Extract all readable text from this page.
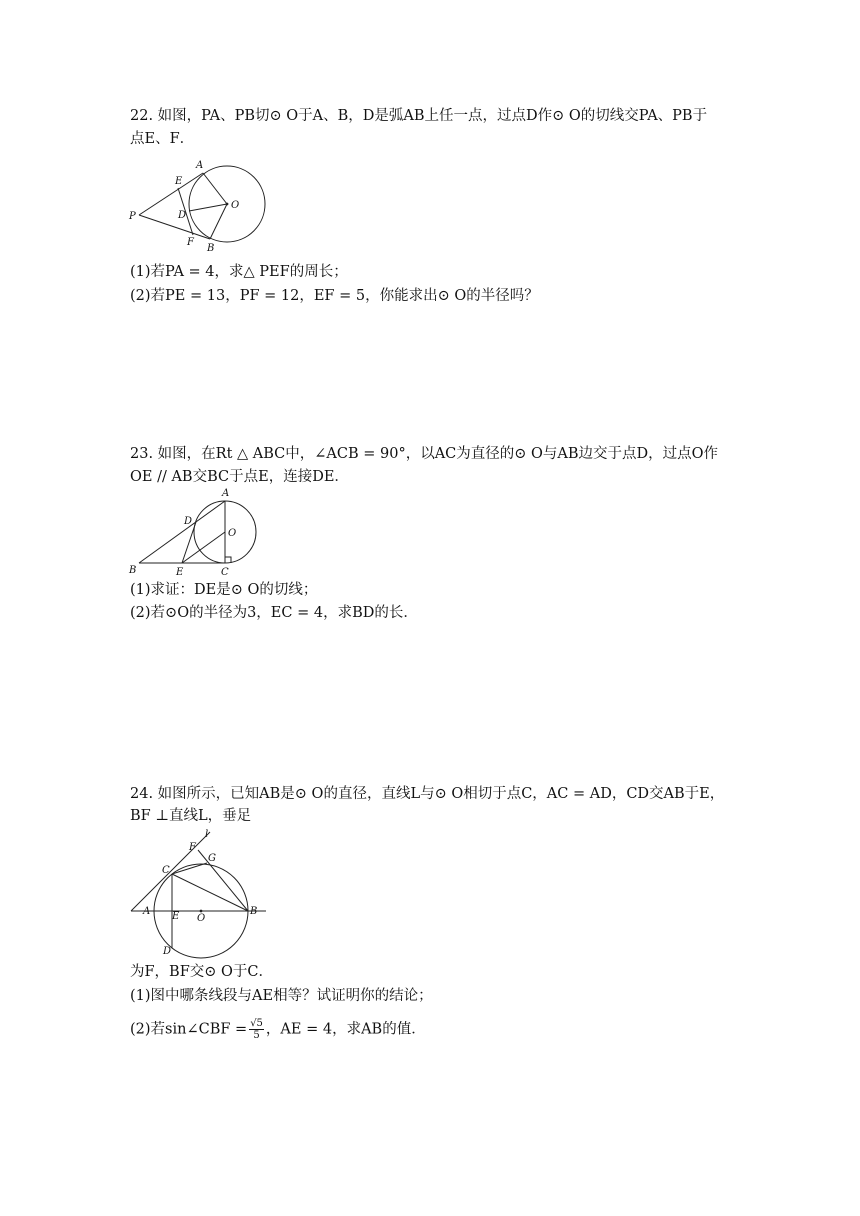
22. 如图，PA、PB切⊙ O于A、B，D是弧AB上任一点，过点D作⊙ O的切线交PA、PB于
点E、F．
A
E
P	D
O
F
B
(1)若PA = 4，求△ PEF的周长；
(2)若PE = 13，PF = 12，EF = 5，你能求出⊙ O的半径吗？
23. 如图，在Rt △ ABC中，∠ACB = 90°，以AC为直径的⊙ O与AB边交于点D，过点O作
OE // AB交BC于点E，连接DE．
A
D
O
B	E	C
(1)求证：DE是⊙ O的切线；
(2)若⊙O的半径为3，EC = 4，求BD的长．
24. 如图所示，已知AB是⊙ O的直径，直线L与⊙ O相切于点C，AC = AD，CD交AB于E，
BF ⊥直线L，垂足
l
F
G
C
A E O
B
D
为F，BF交⊙ O于C．
(1)图中哪条线段与AE相等？试证明你的结论；
(2)若sin∠CBF = $\frac{√5}{5}$ ，AE = 4，求AB的值．
